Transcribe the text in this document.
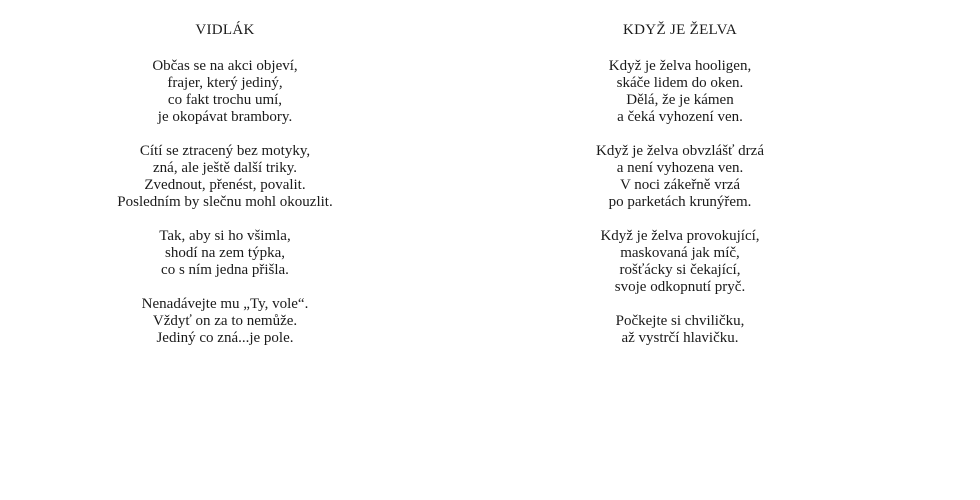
VIDLÁK
Občas se na akci objeví,
frajer, který jediný,
co fakt trochu umí,
je okopávat brambory.
Cítí se ztracený bez motyky,
zná, ale ještě další triky.
Zvednout, přenést, povalit.
Posledním by slečnu mohl okouzlit.
Tak, aby si ho všimla,
shodí na zem týpka,
co s ním jedna přišla.
Nenadávejte mu „Ty, vole“.
Vždyť on za to nemůže.
Jediný co zná...je pole.
KDYŽ JE ŽELVA
Když je želva hooligen,
skáče lidem do oken.
Dělá, že je kámen
a čeká vyhození ven.
Když je želva obvzlášť drzá
a není vyhozena ven.
V noci zákeřně vrzá
po parketách krunýřem.
Když je želva provokující,
maskovaná jak míč,
rošťácky si čekající,
svoje odkopnutí pryč.
Počkejte si chviličku,
až vystrčí hlavičku.
